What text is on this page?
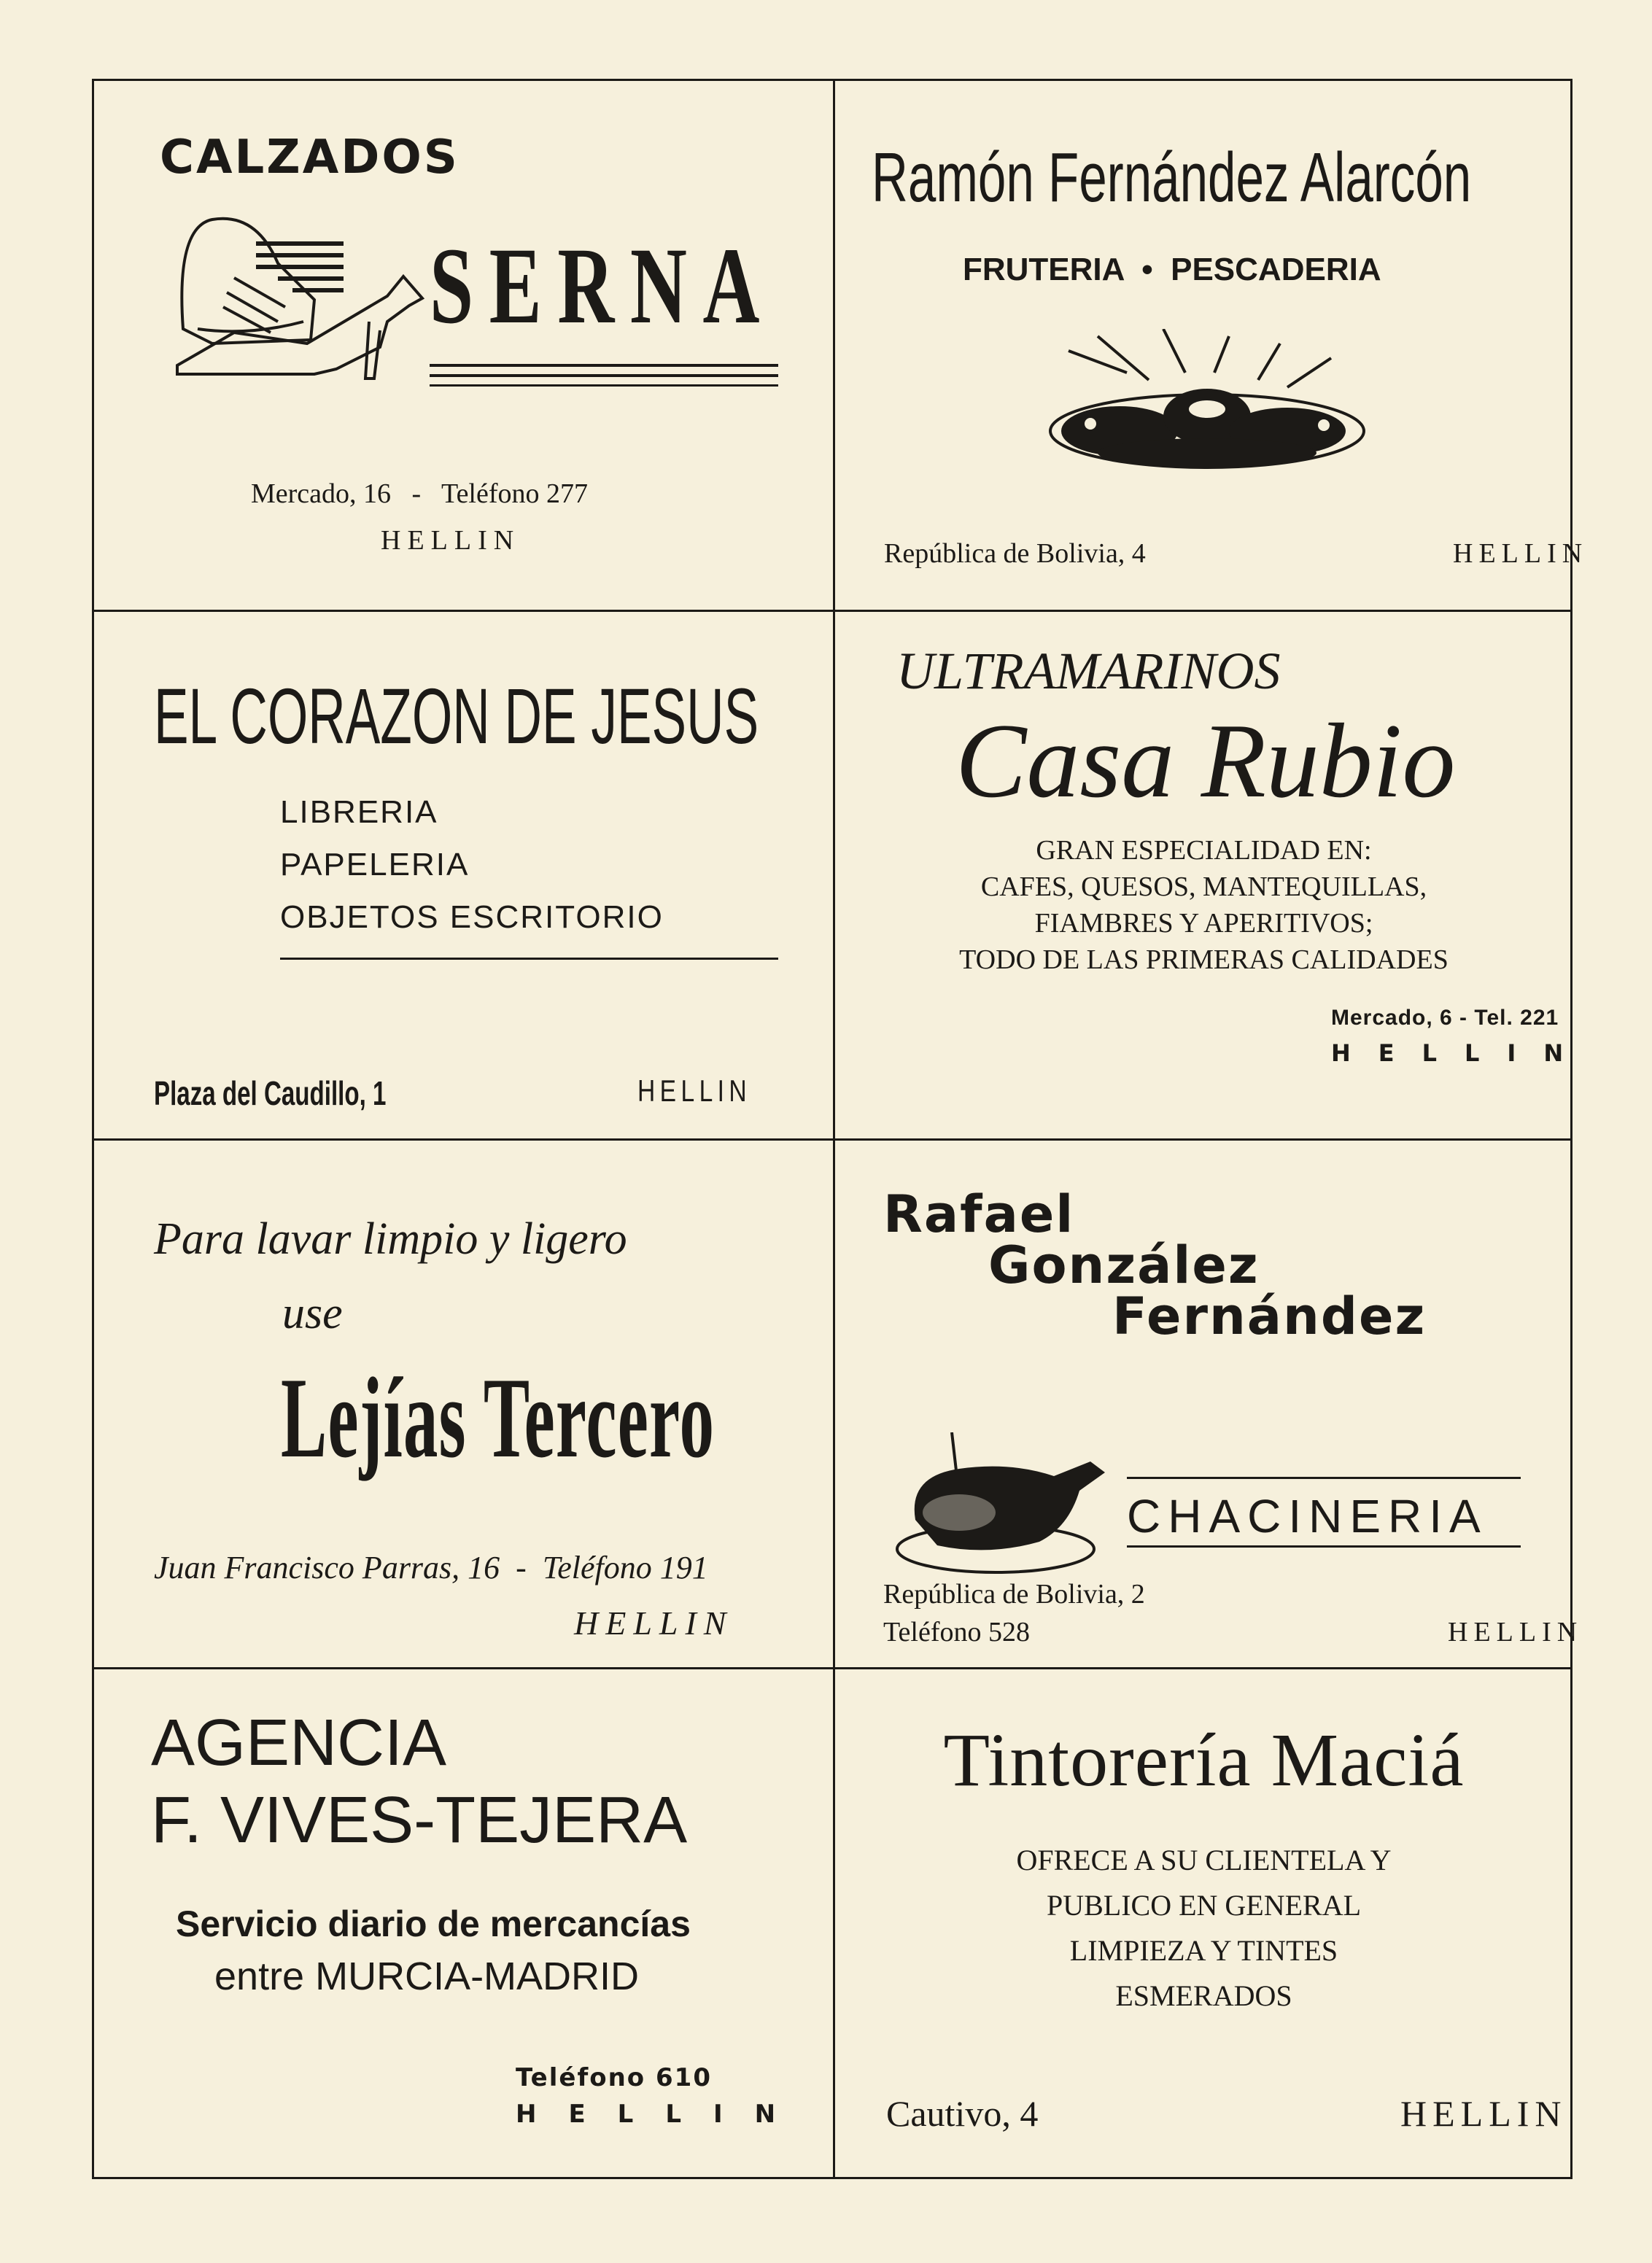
CALZADOS
SERNA
Mercado, 16   -   Teléfono 277
HELLIN
Ramón Fernández Alarcón
FRUTERIA  •  PESCADERIA
República de Bolivia, 4	HELLIN
EL CORAZON DE JESUS
LIBRERIA
PAPELERIA
OBJETOS ESCRITORIO
Plaza del Caudillo, 1	HELLIN
ULTRAMARINOS
Casa Rubio
GRAN ESPECIALIDAD EN:
CAFES, QUESOS, MANTEQUILLAS,
FIAMBRES Y APERITIVOS;
TODO DE LAS PRIMERAS CALIDADES
Mercado, 6 - Tel. 221
HELLIN
Para lavar limpio y ligero
use
Lejías Tercero
Juan Francisco Parras, 16  -  Teléfono 191
HELLIN
Rafael
González
Fernández
CHACINERIA
República de Bolivia, 2
Teléfono 528	HELLIN
AGENCIA
F. VIVES-TEJERA
Servicio diario de mercancías
entre MURCIA-MADRID
Teléfono 610
HELLIN
Tintorería Maciá
OFRECE A SU CLIENTELA Y
PUBLICO EN GENERAL
LIMPIEZA Y TINTES
ESMERADOS
Cautivo, 4	HELLIN
